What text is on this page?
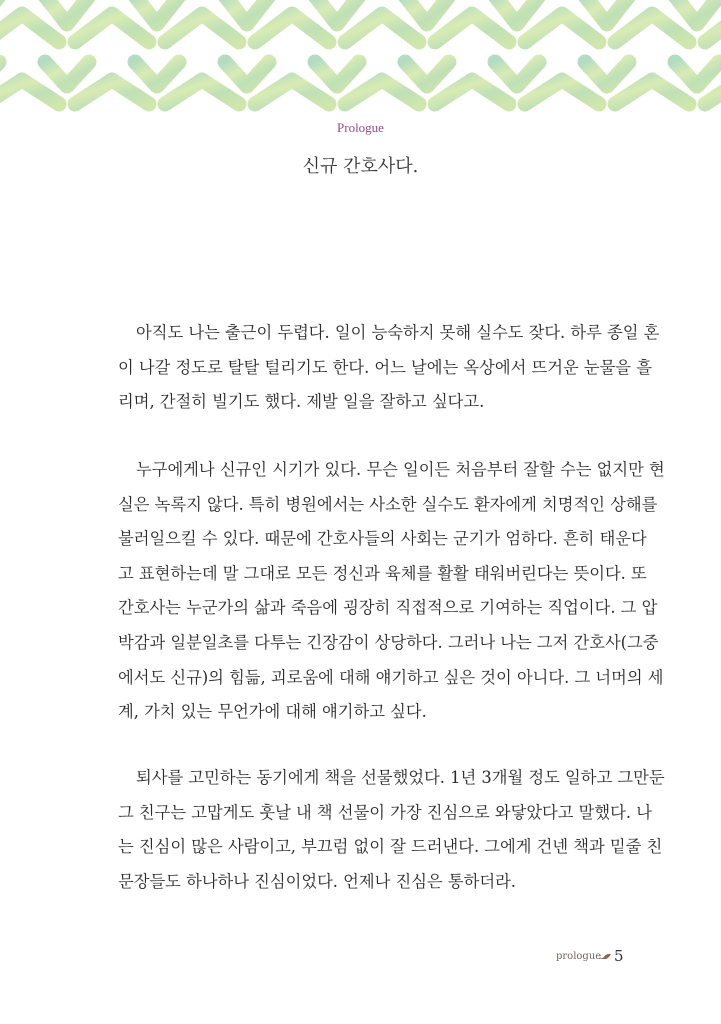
Prologue
신규 간호사다.
아직도 나는 출근이 두렵다. 일이 능숙하지 못해 실수도 잦다. 하루 종일 혼
이 나갈 정도로 탈탈 털리기도 한다. 어느 날에는 옥상에서 뜨거운 눈물을 흘
리며, 간절히 빌기도 했다. 제발 일을 잘하고 싶다고.
누구에게나 신규인 시기가 있다. 무슨 일이든 처음부터 잘할 수는 없지만 현
실은 녹록지 않다. 특히 병원에서는 사소한 실수도 환자에게 치명적인 상해를
불러일으킬 수 있다. 때문에 간호사들의 사회는 군기가 엄하다. 흔히 태운다
고 표현하는데 말 그대로 모든 정신과 육체를 활활 태워버린다는 뜻이다. 또
간호사는 누군가의 삶과 죽음에 굉장히 직접적으로 기여하는 직업이다. 그 압
박감과 일분일초를 다투는 긴장감이 상당하다. 그러나 나는 그저 간호사(그중
에서도 신규)의 힘듦, 괴로움에 대해 얘기하고 싶은 것이 아니다. 그 너머의 세
계, 가치 있는 무언가에 대해 얘기하고 싶다.
퇴사를 고민하는 동기에게 책을 선물했었다. 1년 3개월 정도 일하고 그만둔
그 친구는 고맙게도 훗날 내 책 선물이 가장 진심으로 와닿았다고 말했다. 나
는 진심이 많은 사람이고, 부끄럼 없이 잘 드러낸다. 그에게 건넨 책과 밑줄 친
문장들도 하나하나 진심이었다. 언제나 진심은 통하더라.
prologue 5
